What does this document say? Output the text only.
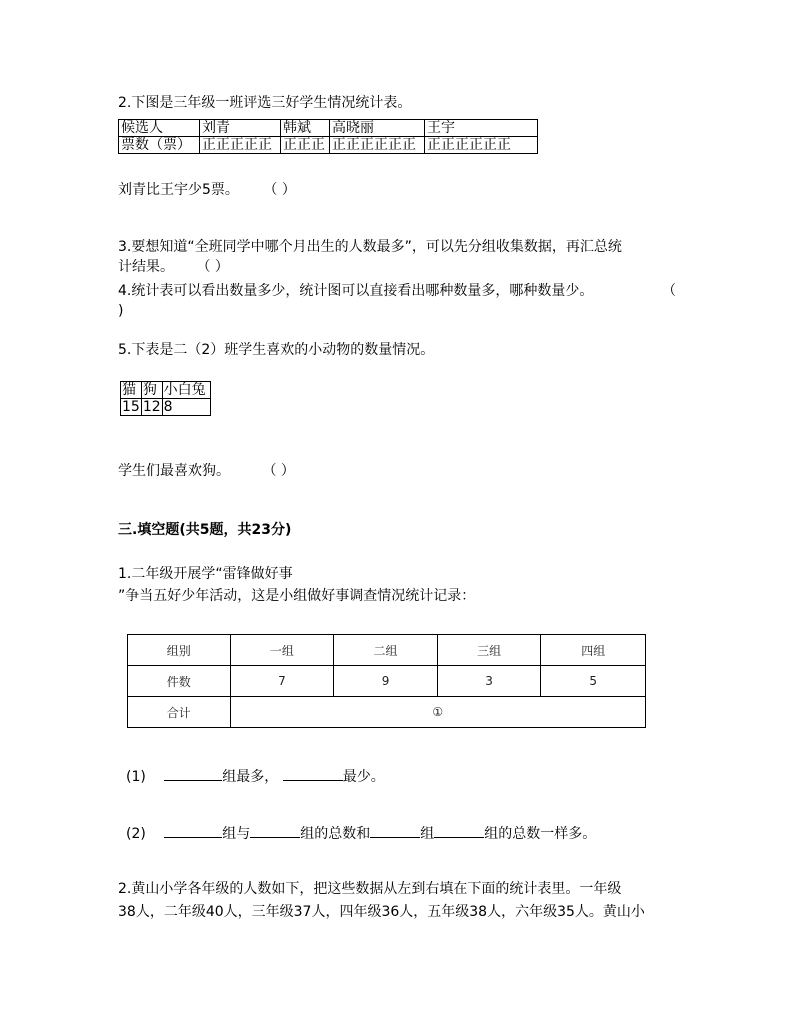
2.下图是三年级一班评选三好学生情况统计表。
候选人	刘青	韩斌	高晓丽	王宇
票数（票）	正正正正正	正正正	正正正正正正	正正正正正正
刘青比王宇少5票。 （ ）
3.要想知道“全班同学中哪个月出生的人数最多”，可以先分组收集数据，再汇总统
计结果。 （ ）
4.统计表可以看出数量多少，统计图可以直接看出哪种数量多，哪种数量少。	（
)
5.下表是二（2）班学生喜欢的小动物的数量情况。
猫	狗	小白兔
15	12	8
学生们最喜欢狗。 （ ）
三.填空题(共5题，共23分)
1.二年级开展学“雷锋做好事
”争当五好少年活动，这是小组做好事调查情况统计记录：
组别	一组	二组	三组	四组
件数	7	9	3	5
合计	①			
(1)	组最多，	最少。
(2)	组与	组的总数和	组	组的总数一样多。
2.黄山小学各年级的人数如下，把这些数据从左到右填在下面的统计表里。一年级
38人，二年级40人，三年级37人，四年级36人，五年级38人，六年级35人。黄山小
